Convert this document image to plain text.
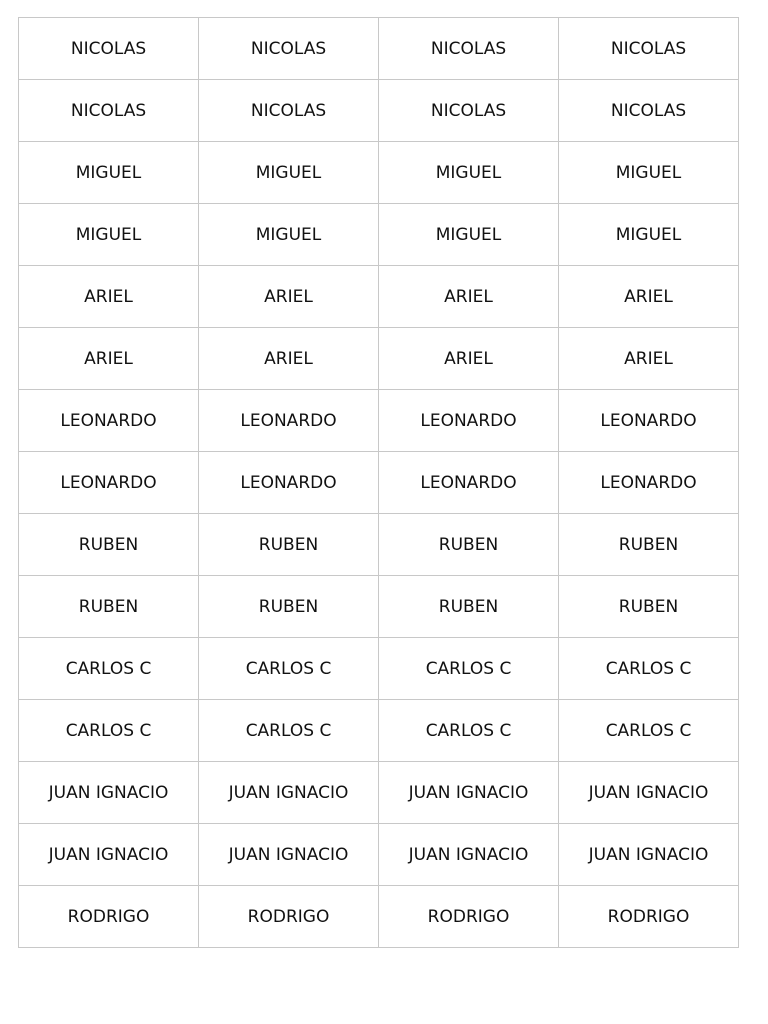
NICOLAS	NICOLAS	NICOLAS	NICOLAS
NICOLAS	NICOLAS	NICOLAS	NICOLAS
MIGUEL	MIGUEL	MIGUEL	MIGUEL
MIGUEL	MIGUEL	MIGUEL	MIGUEL
ARIEL	ARIEL	ARIEL	ARIEL
ARIEL	ARIEL	ARIEL	ARIEL
LEONARDO	LEONARDO	LEONARDO	LEONARDO
LEONARDO	LEONARDO	LEONARDO	LEONARDO
RUBEN	RUBEN	RUBEN	RUBEN
RUBEN	RUBEN	RUBEN	RUBEN
CARLOS C	CARLOS C	CARLOS C	CARLOS C
CARLOS C	CARLOS C	CARLOS C	CARLOS C
JUAN IGNACIO	JUAN IGNACIO	JUAN IGNACIO	JUAN IGNACIO
JUAN IGNACIO	JUAN IGNACIO	JUAN IGNACIO	JUAN IGNACIO
RODRIGO	RODRIGO	RODRIGO	RODRIGO
